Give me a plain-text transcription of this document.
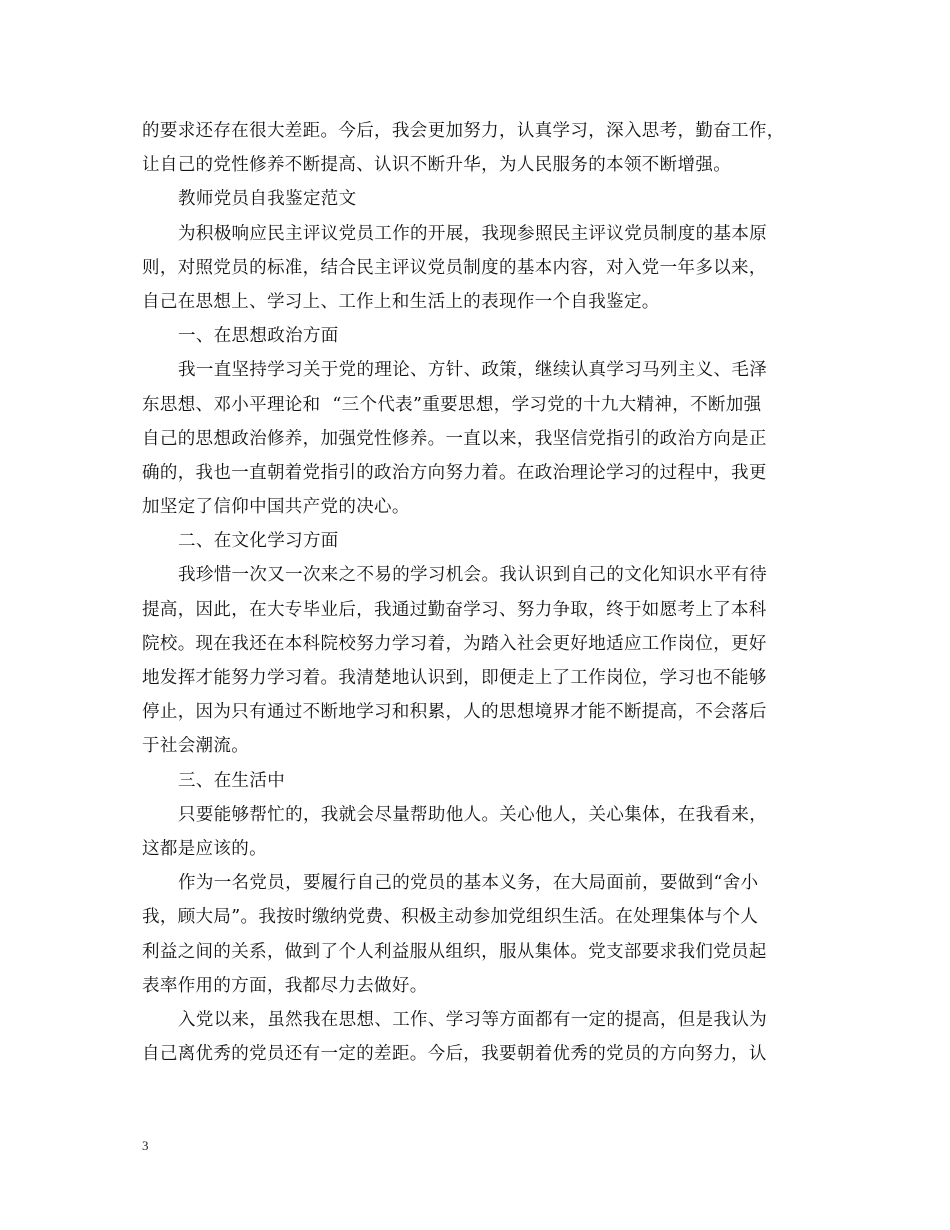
的要求还存在很大差距。今后，我会更加努力，认真学习，深入思考，勤奋工作，
让自己的党性修养不断提高、认识不断升华，为人民服务的本领不断增强。
教师党员自我鉴定范文
为积极响应民主评议党员工作的开展，我现参照民主评议党员制度的基本原
则，对照党员的标准，结合民主评议党员制度的基本内容，对入党一年多以来，
自己在思想上、学习上、工作上和生活上的表现作一个自我鉴定。
一、在思想政治方面
我一直坚持学习关于党的理论、方针、政策，继续认真学习马列主义、毛泽
东思想、邓小平理论和  “三个代表”重要思想，学习党的十九大精神，不断加强
自己的思想政治修养，加强党性修养。一直以来，我坚信党指引的政治方向是正
确的，我也一直朝着党指引的政治方向努力着。在政治理论学习的过程中，我更
加坚定了信仰中国共产党的决心。
二、在文化学习方面
我珍惜一次又一次来之不易的学习机会。我认识到自己的文化知识水平有待
提高，因此，在大专毕业后，我通过勤奋学习、努力争取，终于如愿考上了本科
院校。现在我还在本科院校努力学习着，为踏入社会更好地适应工作岗位，更好
地发挥才能努力学习着。我清楚地认识到，即便走上了工作岗位，学习也不能够
停止，因为只有通过不断地学习和积累，人的思想境界才能不断提高，不会落后
于社会潮流。
三、在生活中
只要能够帮忙的，我就会尽量帮助他人。关心他人，关心集体，在我看来，
这都是应该的。
作为一名党员，要履行自己的党员的基本义务，在大局面前，要做到“舍小
我，顾大局”。我按时缴纳党费、积极主动参加党组织生活。在处理集体与个人
利益之间的关系，做到了个人利益服从组织，服从集体。党支部要求我们党员起
表率作用的方面，我都尽力去做好。
入党以来，虽然我在思想、工作、学习等方面都有一定的提高，但是我认为
自己离优秀的党员还有一定的差距。今后，我要朝着优秀的党员的方向努力，认
3
